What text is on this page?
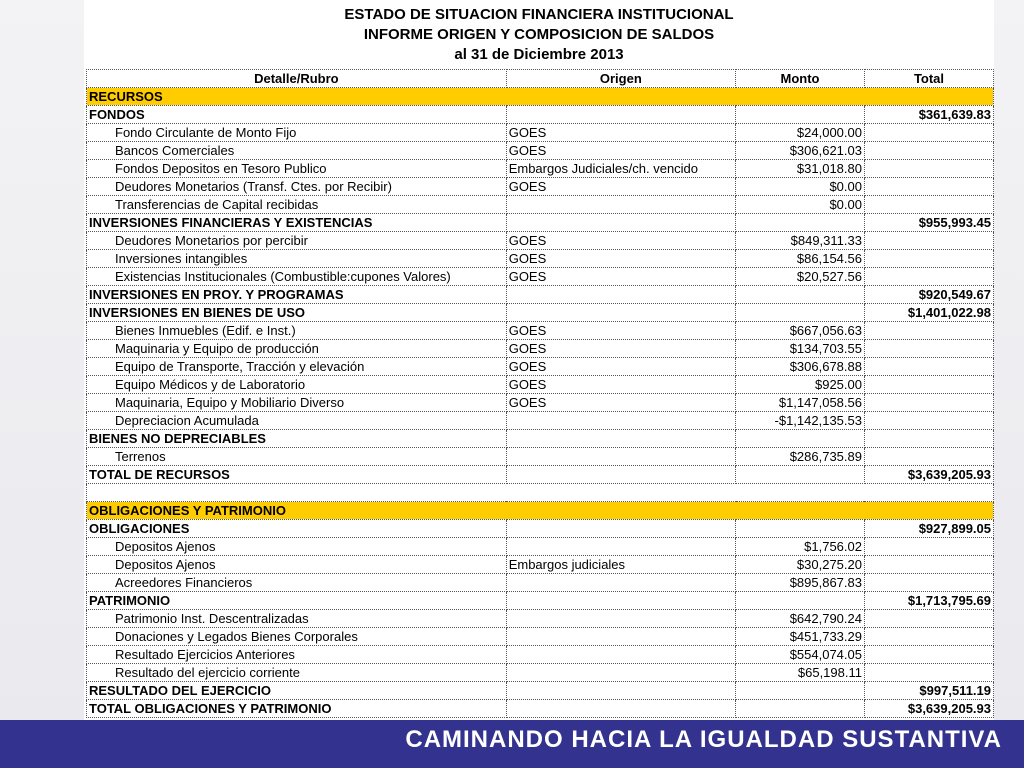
CAMINANDO HACIA LA IGUALDAD SUSTANTIVA
ESTADO DE SITUACION FINANCIERA INSTITUCIONAL
INFORME ORIGEN Y COMPOSICION DE SALDOS
al 31 de Diciembre 2013
Detalle/Rubro	Origen	Monto	Total
RECURSOS			
FONDOS			$361,639.83
Fondo Circulante de Monto Fijo	GOES	$24,000.00	
Bancos Comerciales	GOES	$306,621.03	
Fondos Depositos en Tesoro Publico	Embargos Judiciales/ch. vencido	$31,018.80	
Deudores Monetarios (Transf. Ctes. por Recibir)	GOES	$0.00	
Transferencias de Capital recibidas		$0.00	
INVERSIONES FINANCIERAS Y EXISTENCIAS			$955,993.45
Deudores Monetarios por percibir	GOES	$849,311.33	
Inversiones intangibles	GOES	$86,154.56	
Existencias Institucionales (Combustible:cupones Valores)	GOES	$20,527.56	
INVERSIONES EN PROY. Y PROGRAMAS			$920,549.67
INVERSIONES EN BIENES DE USO			$1,401,022.98
Bienes Inmuebles (Edif. e Inst.)	GOES	$667,056.63	
Maquinaria y Equipo de producción	GOES	$134,703.55	
Equipo de Transporte, Tracción y elevación	GOES	$306,678.88	
Equipo Médicos y de Laboratorio	GOES	$925.00	
Maquinaria, Equipo y Mobiliario Diverso	GOES	$1,147,058.56	
Depreciacion Acumulada		-$1,142,135.53	
BIENES NO DEPRECIABLES			
Terrenos		$286,735.89	
TOTAL DE RECURSOS			$3,639,205.93

OBLIGACIONES Y PATRIMONIO			
OBLIGACIONES			$927,899.05
Depositos Ajenos		$1,756.02	
Depositos Ajenos	Embargos judiciales	$30,275.20	
Acreedores Financieros		$895,867.83	
PATRIMONIO			$1,713,795.69
Patrimonio Inst. Descentralizadas		$642,790.24	
Donaciones y Legados Bienes Corporales		$451,733.29	
Resultado Ejercicios Anteriores		$554,074.05	
Resultado del ejercicio corriente		$65,198.11	
RESULTADO DEL EJERCICIO			$997,511.19
TOTAL OBLIGACIONES Y PATRIMONIO			$3,639,205.93
